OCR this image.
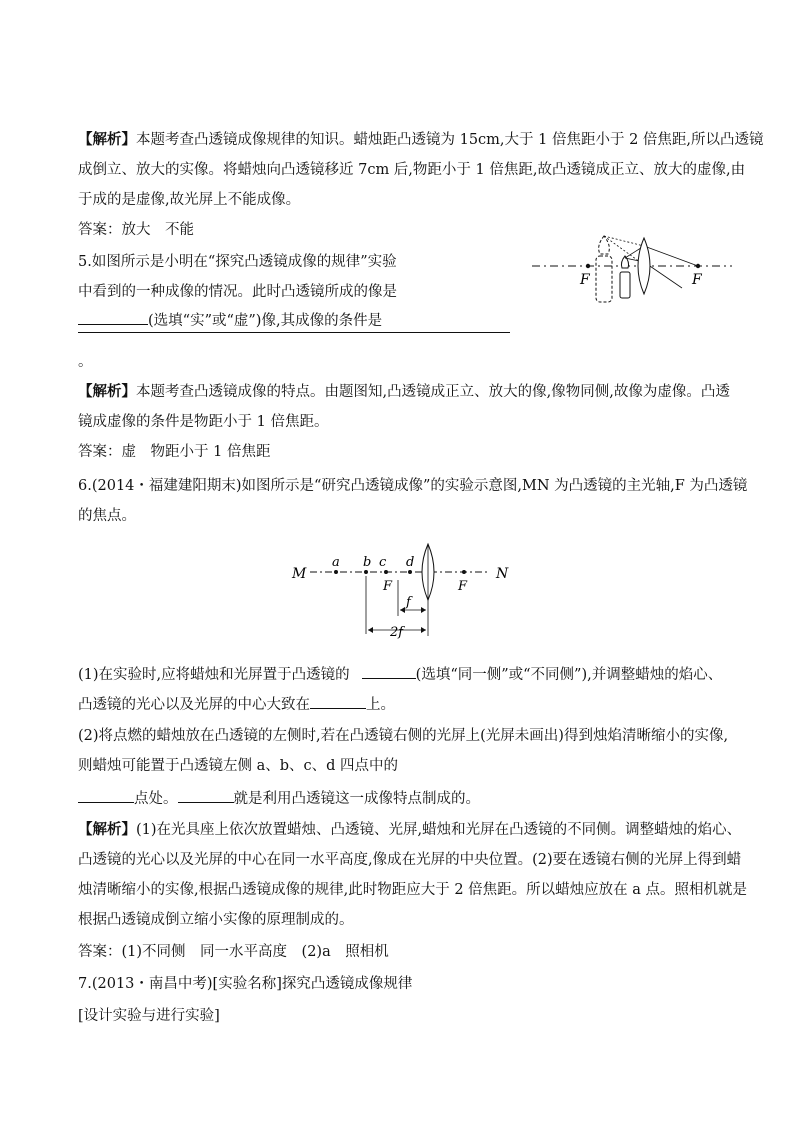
【解析】本题考查凸透镜成像规律的知识。蜡烛距凸透镜为 15cm,大于 1 倍焦距小于 2 倍焦距,所以凸透镜
成倒立、放大的实像。将蜡烛向凸透镜移近 7cm 后,物距小于 1 倍焦距,故凸透镜成正立、放大的虚像,由
于成的是虚像,故光屏上不能成像。
答案：放大　不能
5.如图所示是小明在“探究凸透镜成像的规律”实验
中看到的一种成像的情况。此时凸透镜所成的像是
(选填“实”或“虚”)像,其成像的条件是
。
F	F
【解析】本题考查凸透镜成像的特点。由题图知,凸透镜成正立、放大的像,像物同侧,故像为虚像。凸透
镜成虚像的条件是物距小于 1 倍焦距。
答案：虚　物距小于 1 倍焦距
6.(2014・福建建阳期末)如图所示是“研究凸透镜成像”的实验示意图,MN 为凸透镜的主光轴,F 为凸透镜
的焦点。
M	N
a b c d
F	F
f
2f
(1)在实验时,应将蜡烛和光屏置于凸透镜的	(选填“同一侧”或“不同侧”),并调整蜡烛的焰心、
凸透镜的光心以及光屏的中心大致在	上。
(2)将点燃的蜡烛放在凸透镜的左侧时,若在凸透镜右侧的光屏上(光屏未画出)得到烛焰清晰缩小的实像,
则蜡烛可能置于凸透镜左侧 a、b、c、d 四点中的
点处。	就是利用凸透镜这一成像特点制成的。
【解析】(1)在光具座上依次放置蜡烛、凸透镜、光屏,蜡烛和光屏在凸透镜的不同侧。调整蜡烛的焰心、
凸透镜的光心以及光屏的中心在同一水平高度,像成在光屏的中央位置。(2)要在透镜右侧的光屏上得到蜡
烛清晰缩小的实像,根据凸透镜成像的规律,此时物距应大于 2 倍焦距。所以蜡烛应放在 a 点。照相机就是
根据凸透镜成倒立缩小实像的原理制成的。
答案：(1)不同侧　同一水平高度　(2)a　照相机
7.(2013・南昌中考)[实验名称]探究凸透镜成像规律
[设计实验与进行实验]
